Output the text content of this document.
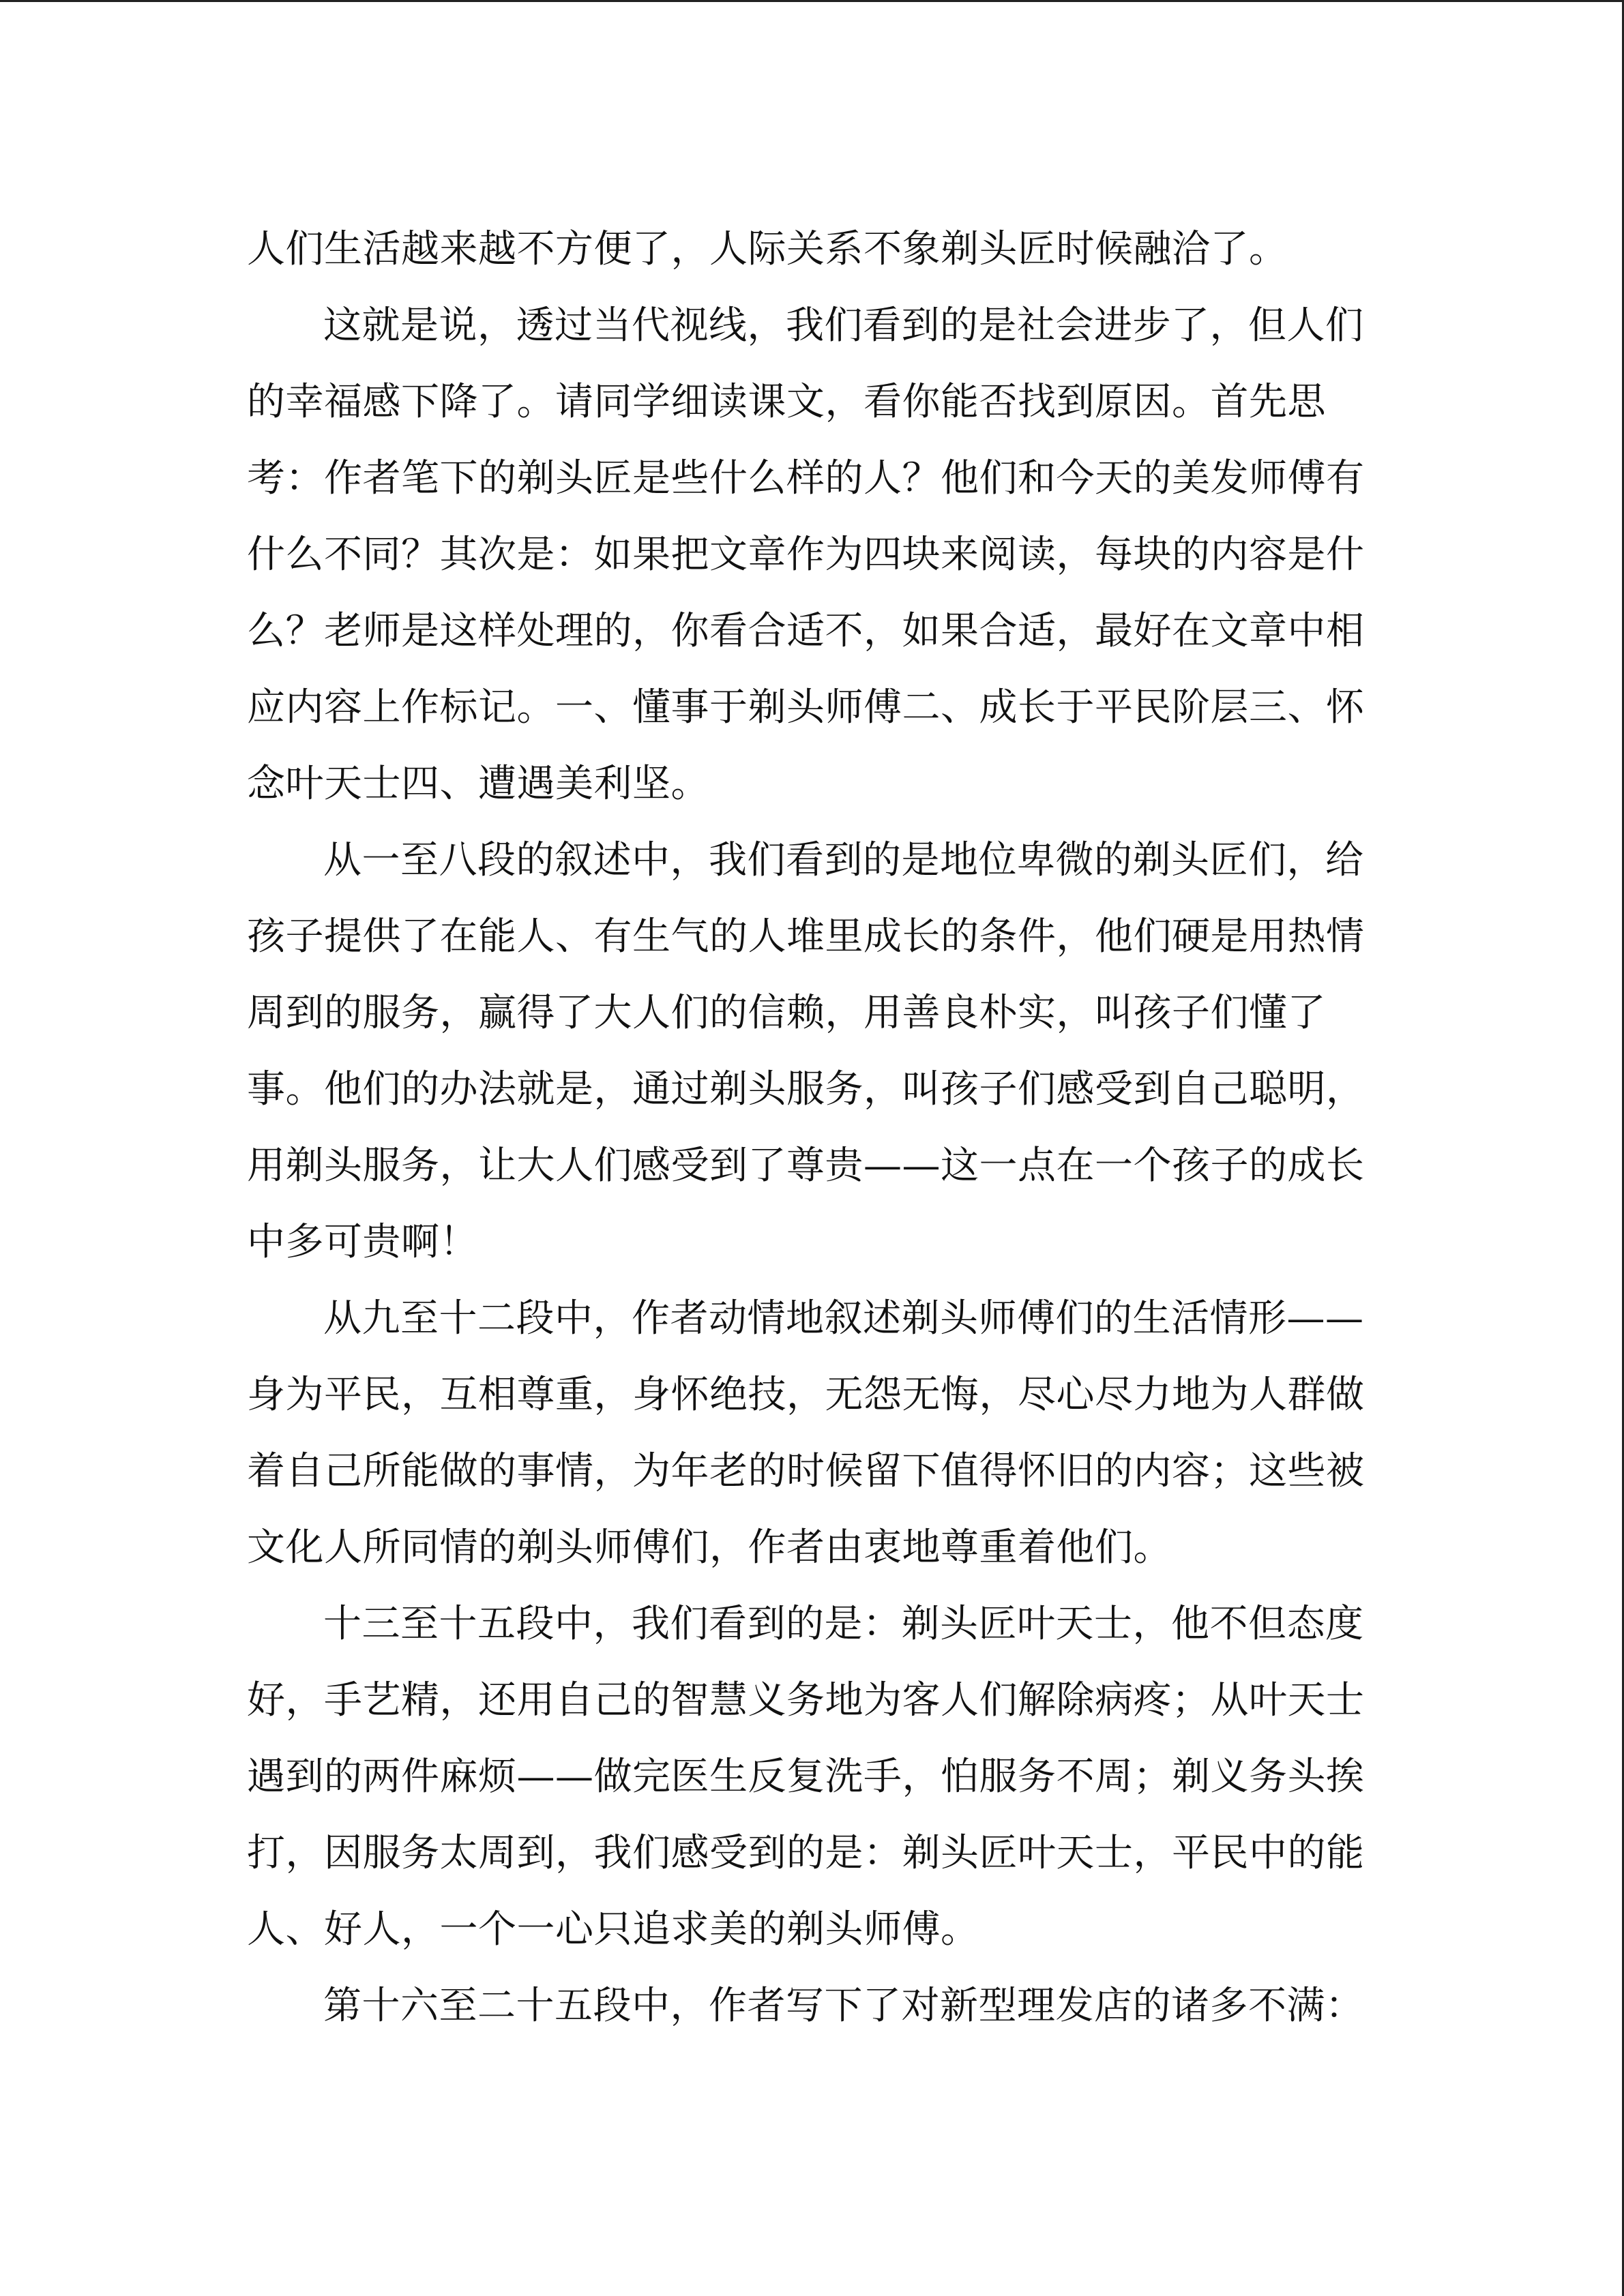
人们生活越来越不方便了，人际关系不象剃头匠时候融洽了。
这就是说，透过当代视线，我们看到的是社会进步了，但人们
的幸福感下降了。请同学细读课文，看你能否找到原因。首先思
考：作者笔下的剃头匠是些什么样的人？他们和今天的美发师傅有
什么不同？其次是：如果把文章作为四块来阅读，每块的内容是什
么？老师是这样处理的，你看合适不，如果合适，最好在文章中相
应内容上作标记。一、懂事于剃头师傅二、成长于平民阶层三、怀
念叶天士四、遭遇美利坚。
从一至八段的叙述中，我们看到的是地位卑微的剃头匠们，给
孩子提供了在能人、有生气的人堆里成长的条件，他们硬是用热情
周到的服务，赢得了大人们的信赖，用善良朴实，叫孩子们懂了
事。他们的办法就是，通过剃头服务，叫孩子们感受到自己聪明，
用剃头服务，让大人们感受到了尊贵——这一点在一个孩子的成长
中多可贵啊！
从九至十二段中，作者动情地叙述剃头师傅们的生活情形——
身为平民，互相尊重，身怀绝技，无怨无悔，尽心尽力地为人群做
着自己所能做的事情，为年老的时候留下值得怀旧的内容；这些被
文化人所同情的剃头师傅们，作者由衷地尊重着他们。
十三至十五段中，我们看到的是：剃头匠叶天士，他不但态度
好，手艺精，还用自己的智慧义务地为客人们解除病疼；从叶天士
遇到的两件麻烦——做完医生反复洗手，怕服务不周；剃义务头挨
打，因服务太周到，我们感受到的是：剃头匠叶天士，平民中的能
人、好人，一个一心只追求美的剃头师傅。
第十六至二十五段中，作者写下了对新型理发店的诸多不满：
